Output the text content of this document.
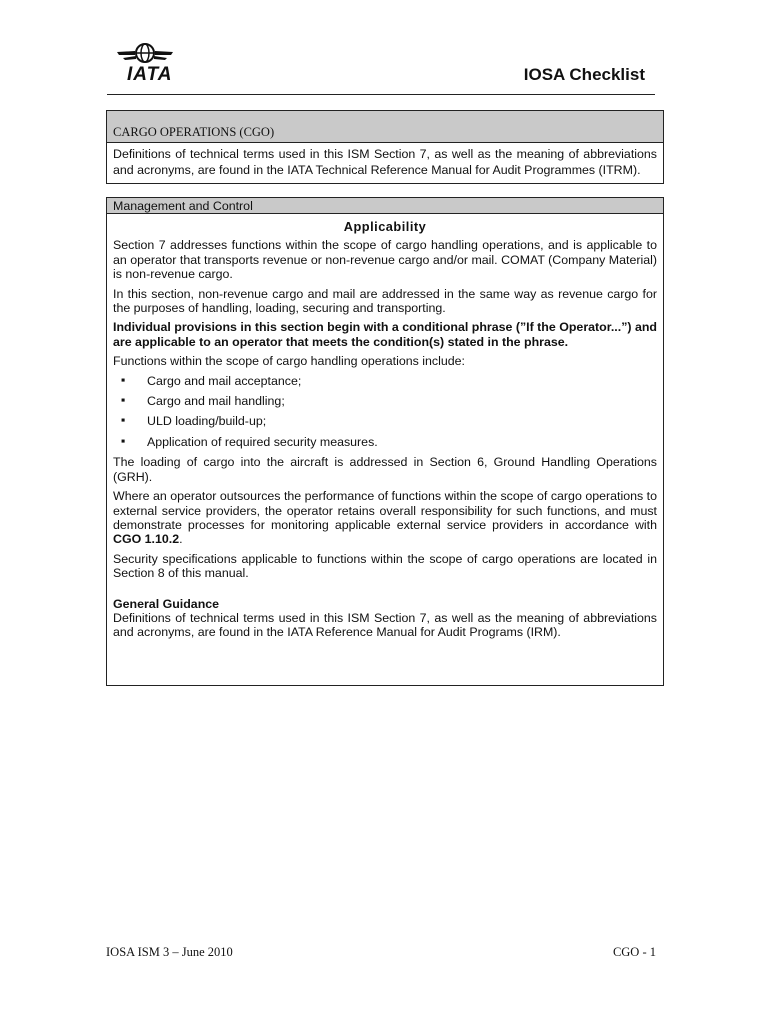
IATA	IOSA Checklist
CARGO OPERATIONS (CGO)
Definitions of technical terms used in this ISM Section 7, as well as the meaning of abbreviations and acronyms, are found in the IATA Technical Reference Manual for Audit Programmes (ITRM).
Management and Control
Applicability

Section 7 addresses functions within the scope of cargo handling operations, and is applicable to an operator that transports revenue or non-revenue cargo and/or mail. COMAT (Company Material) is non-revenue cargo.

In this section, non-revenue cargo and mail are addressed in the same way as revenue cargo for the purposes of handling, loading, securing and transporting.

Individual provisions in this section begin with a conditional phrase (”If the Operator...”) and are applicable to an operator that meets the condition(s) stated in the phrase.

Functions within the scope of cargo handling operations include:

▪ Cargo and mail acceptance;
▪ Cargo and mail handling;
▪ ULD loading/build-up;
▪ Application of required security measures.

The loading of cargo into the aircraft is addressed in Section 6, Ground Handling Operations (GRH).

Where an operator outsources the performance of functions within the scope of cargo operations to external service providers, the operator retains overall responsibility for such functions, and must demonstrate processes for monitoring applicable external service providers in accordance with CGO 1.10.2.

Security specifications applicable to functions within the scope of cargo operations are located in Section 8 of this manual.

General Guidance
Definitions of technical terms used in this ISM Section 7, as well as the meaning of abbreviations and acronyms, are found in the IATA Reference Manual for Audit Programs (IRM).
IOSA ISM 3 – June 2010	CGO - 1
